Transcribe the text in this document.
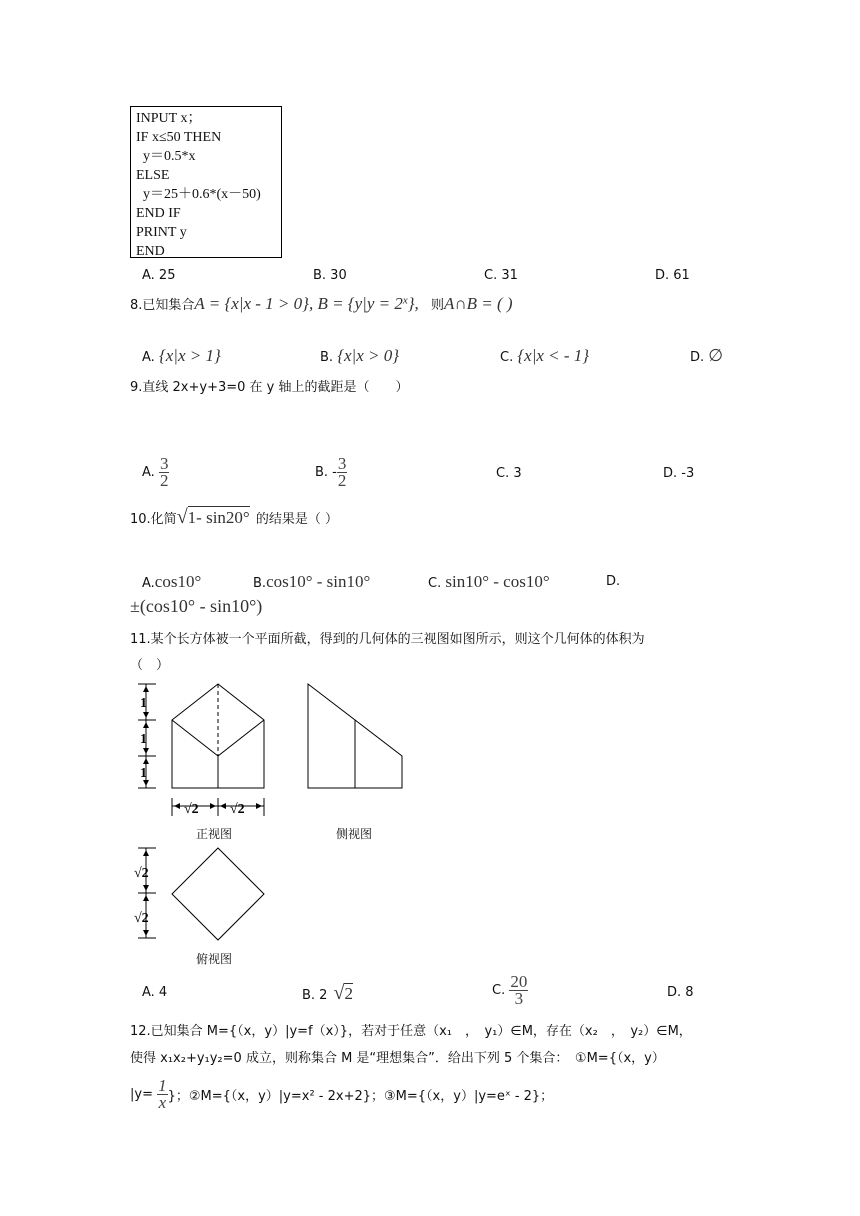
INPUT x；
IF x≤50 THEN
y＝0.5*x
ELSE
y＝25＋0.6*(x－50)
END IF
PRINT y
END
A. 25	B. 30	C. 31	D. 61
8.已知集合A = {x|x - 1 > 0}, $B = \{y|y = 2^x\}$, 则A∩B = ( )
A. {x|x > 1}	B. {x|x > 0}	C. {x|x < - 1}	D. ∅
9.直线 2x+y+3=0 在 y 轴上的截距是（　　）
A. $\frac{3}{2}$	B. - $\frac{3}{2}$	C. 3	D. -3
10.化简√1- sin20° 的结果是（ ）
A.cos10°	B.cos10° - sin10°	C. sin10° - cos10°	D.
±(cos10° - sin10°)
11.某个长方体被一个平面所截，得到的几何体的三视图如图所示，则这个几何体的体积为
（　）
1
1
1
√2 √2
正视图	侧视图
√2
√2
俯视图
A. 4	B. 2 √2	C. $\frac{20}{3}$	D. 8
12.已知集合 M={（x，y）|y=f（x）}，若对于任意（x₁　，　y₁）∈M，存在（x₂　，　y₂）∈M，
使得 x₁x₂+y₁y₂=0 成立，则称集合 M 是“理想集合”．给出下列 5 个集合：　①M={（x，y）
$|y= \frac{1}{x}$ }；②M={（x，y）|y=x² - 2x+2}；③M={（x，y）|y=eˣ - 2}；
